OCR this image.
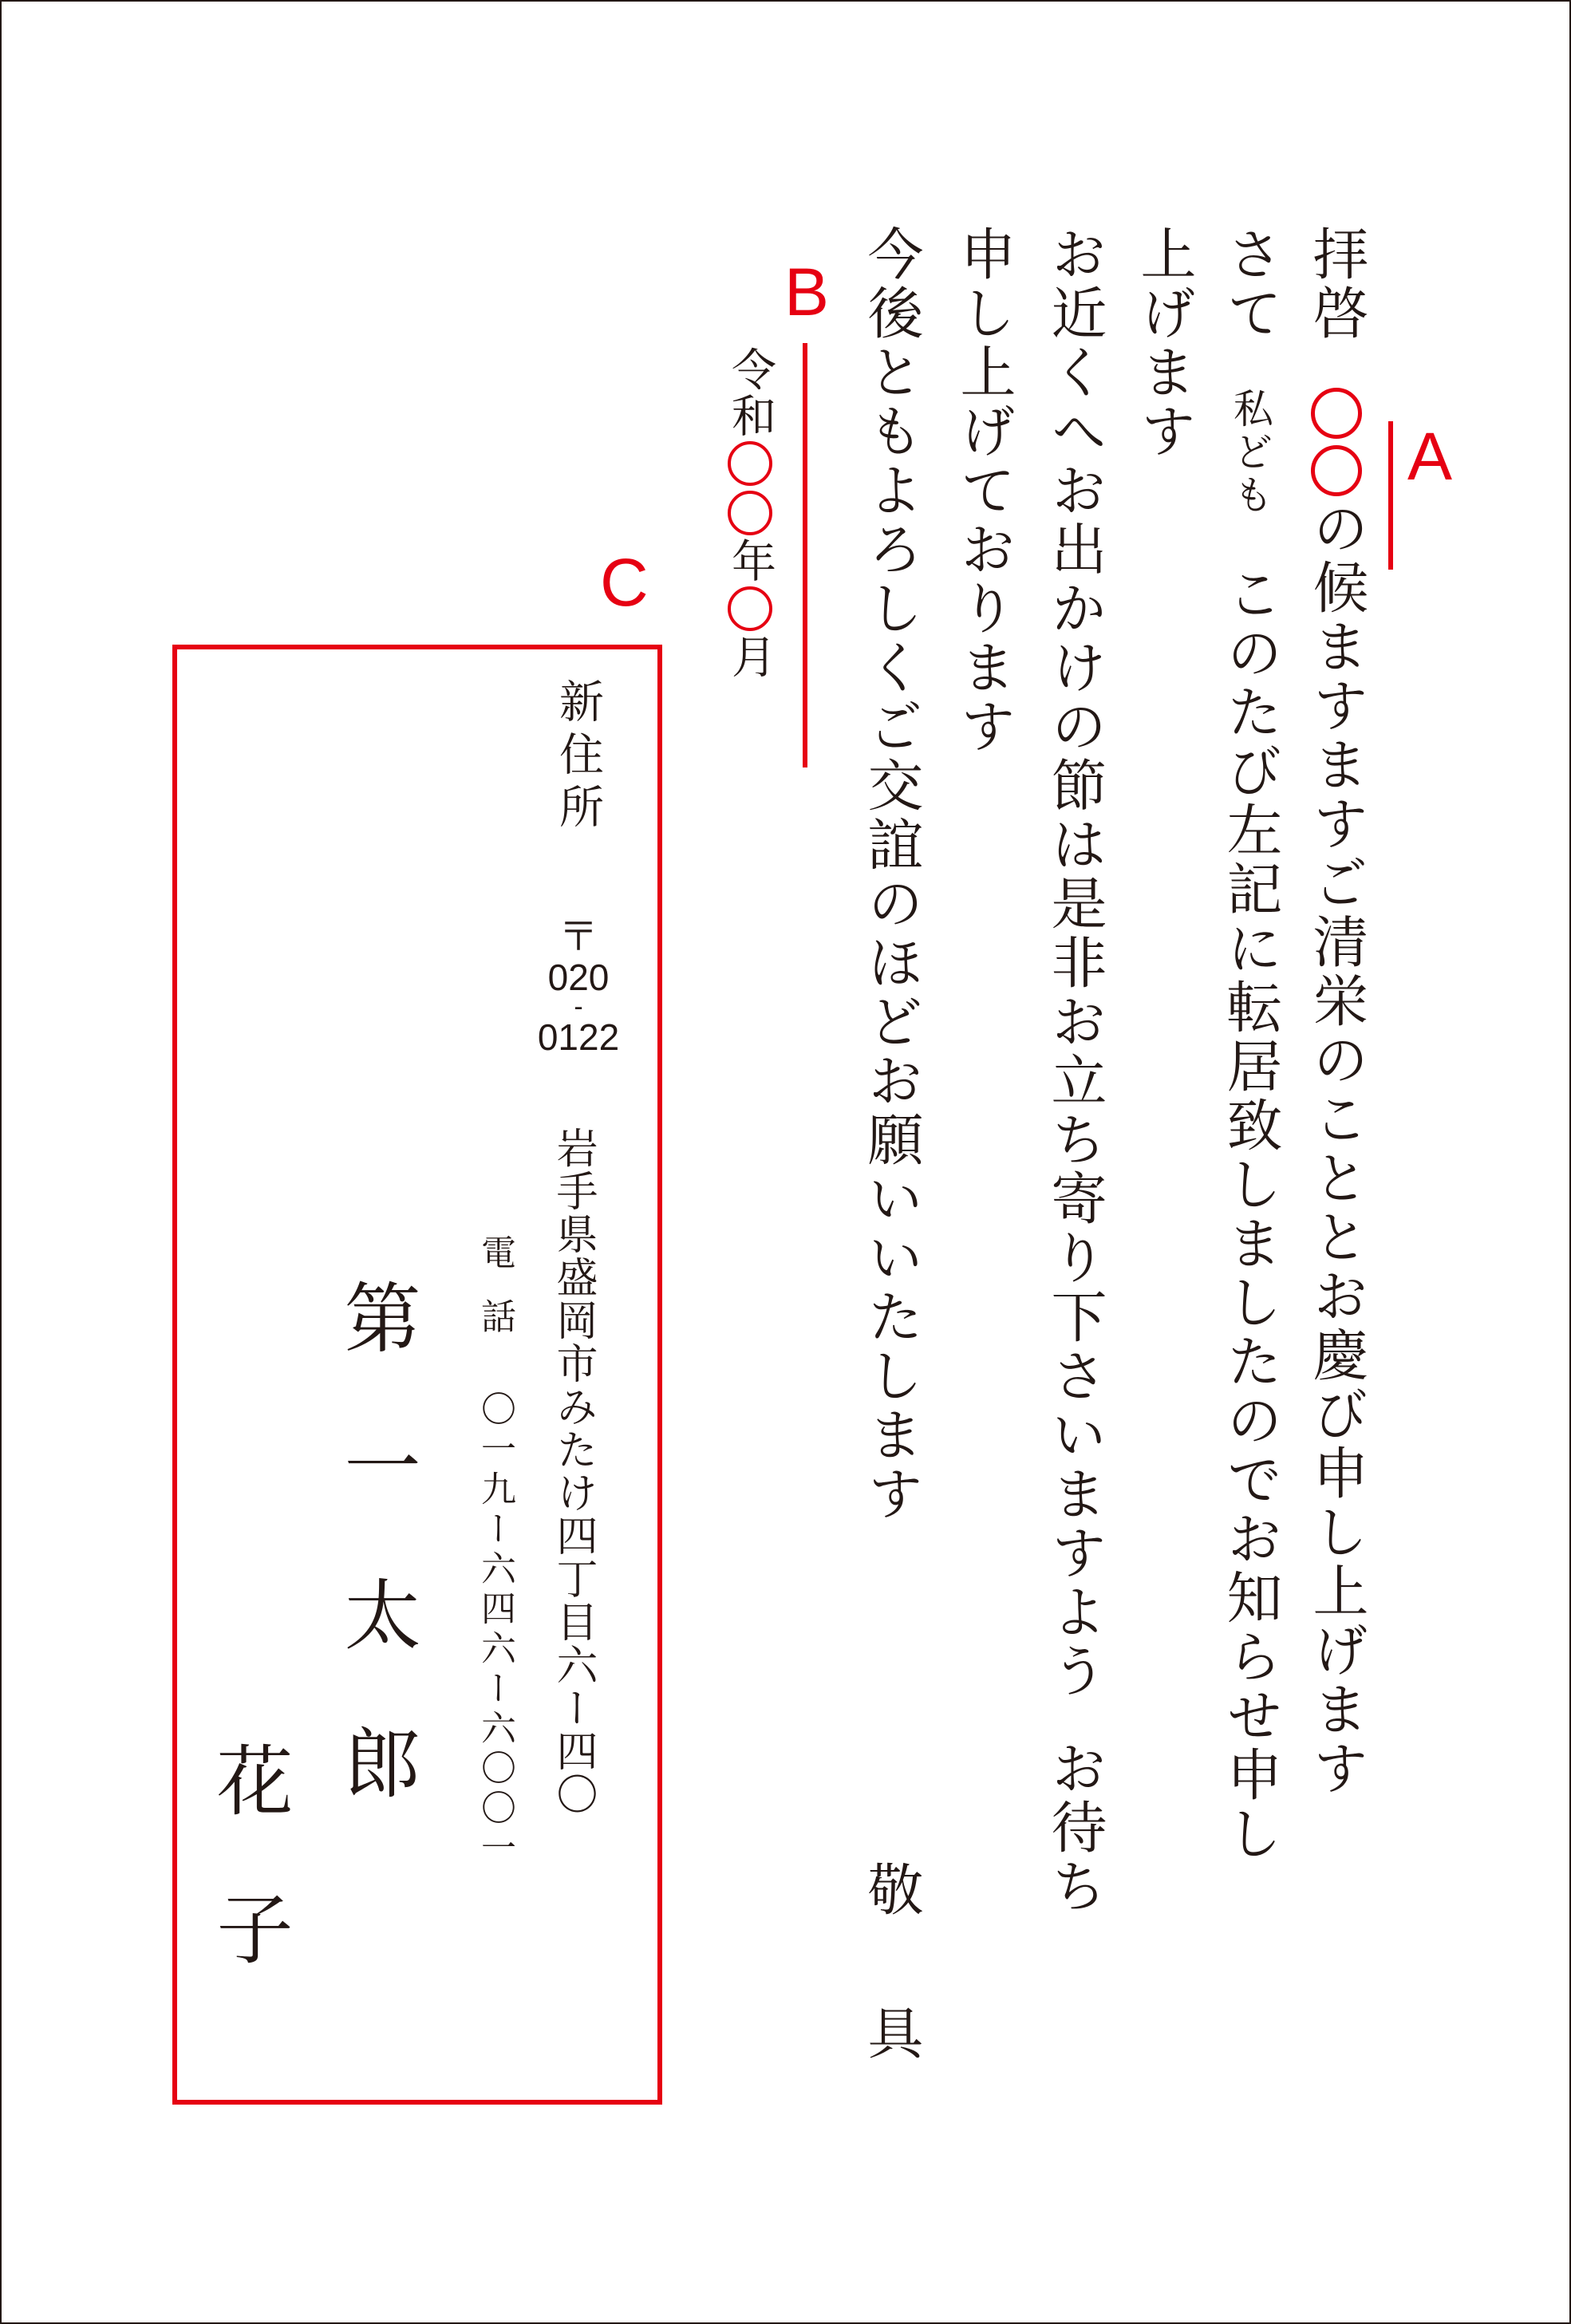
拝啓の候ますますご清栄のこととお慶び申し上げます
さて私どもこのたび左記に転居致しましたのでお知らせ申し
上げます
お近くへお出かけの節は是非お立ち寄り下さいますようお待ち
申し上げております
今後ともよろしくご交誼のほどお願いいたします
敬具
A
B
令和年月
C
新住所
〒
020
-
0122
岩手県盛岡市みたけ四丁目六ー四〇
電話〇一九ー六四六ー六〇〇一
第一太郎
花子
